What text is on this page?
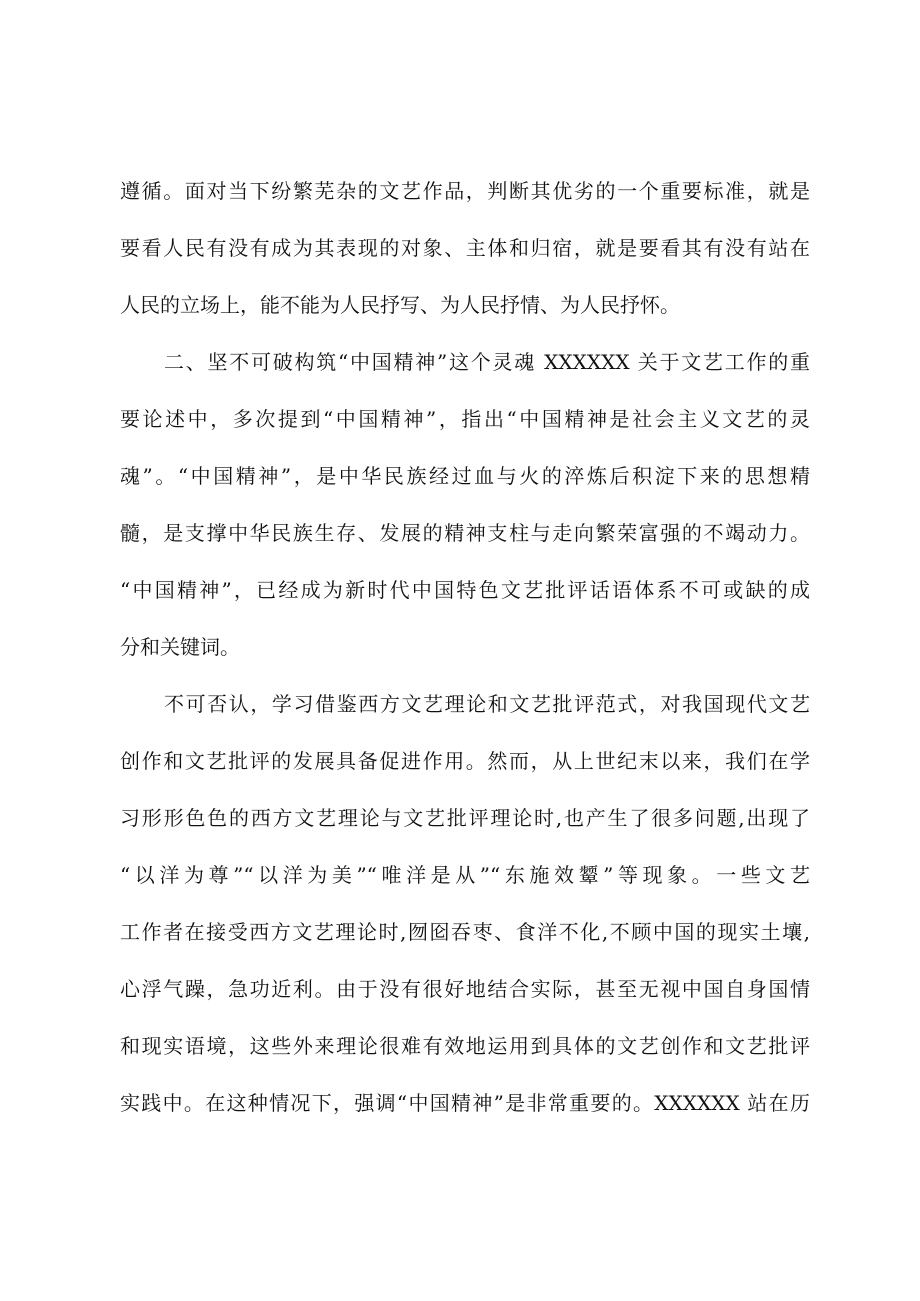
遵循。面对当下纷繁芜杂的文艺作品，判断其优劣的一个重要标准，就是
要看人民有没有成为其表现的对象、主体和归宿，就是要看其有没有站在
人民的立场上，能不能为人民抒写、为人民抒情、为人民抒怀。
二、坚不可破构筑“中国精神”这个灵魂 XXXXXX 关于文艺工作的重
要论述中，多次提到“中国精神”，指出“中国精神是社会主义文艺的灵
魂”。“中国精神”，是中华民族经过血与火的淬炼后积淀下来的思想精
髓，是支撑中华民族生存、发展的精神支柱与走向繁荣富强的不竭动力。
“中国精神”，已经成为新时代中国特色文艺批评话语体系不可或缺的成
分和关键词。
不可否认，学习借鉴西方文艺理论和文艺批评范式，对我国现代文艺
创作和文艺批评的发展具备促进作用。然而，从上世纪末以来，我们在学
习形形色色的西方文艺理论与文艺批评理论时,也产生了很多问题,出现了
“以洋为尊”“以洋为美”“唯洋是从”“东施效颦”等现象。一些文艺
工作者在接受西方文艺理论时,囫囵吞枣、食洋不化,不顾中国的现实土壤,
心浮气躁，急功近利。由于没有很好地结合实际，甚至无视中国自身国情
和现实语境，这些外来理论很难有效地运用到具体的文艺创作和文艺批评
实践中。在这种情况下，强调“中国精神”是非常重要的。XXXXXX 站在历
